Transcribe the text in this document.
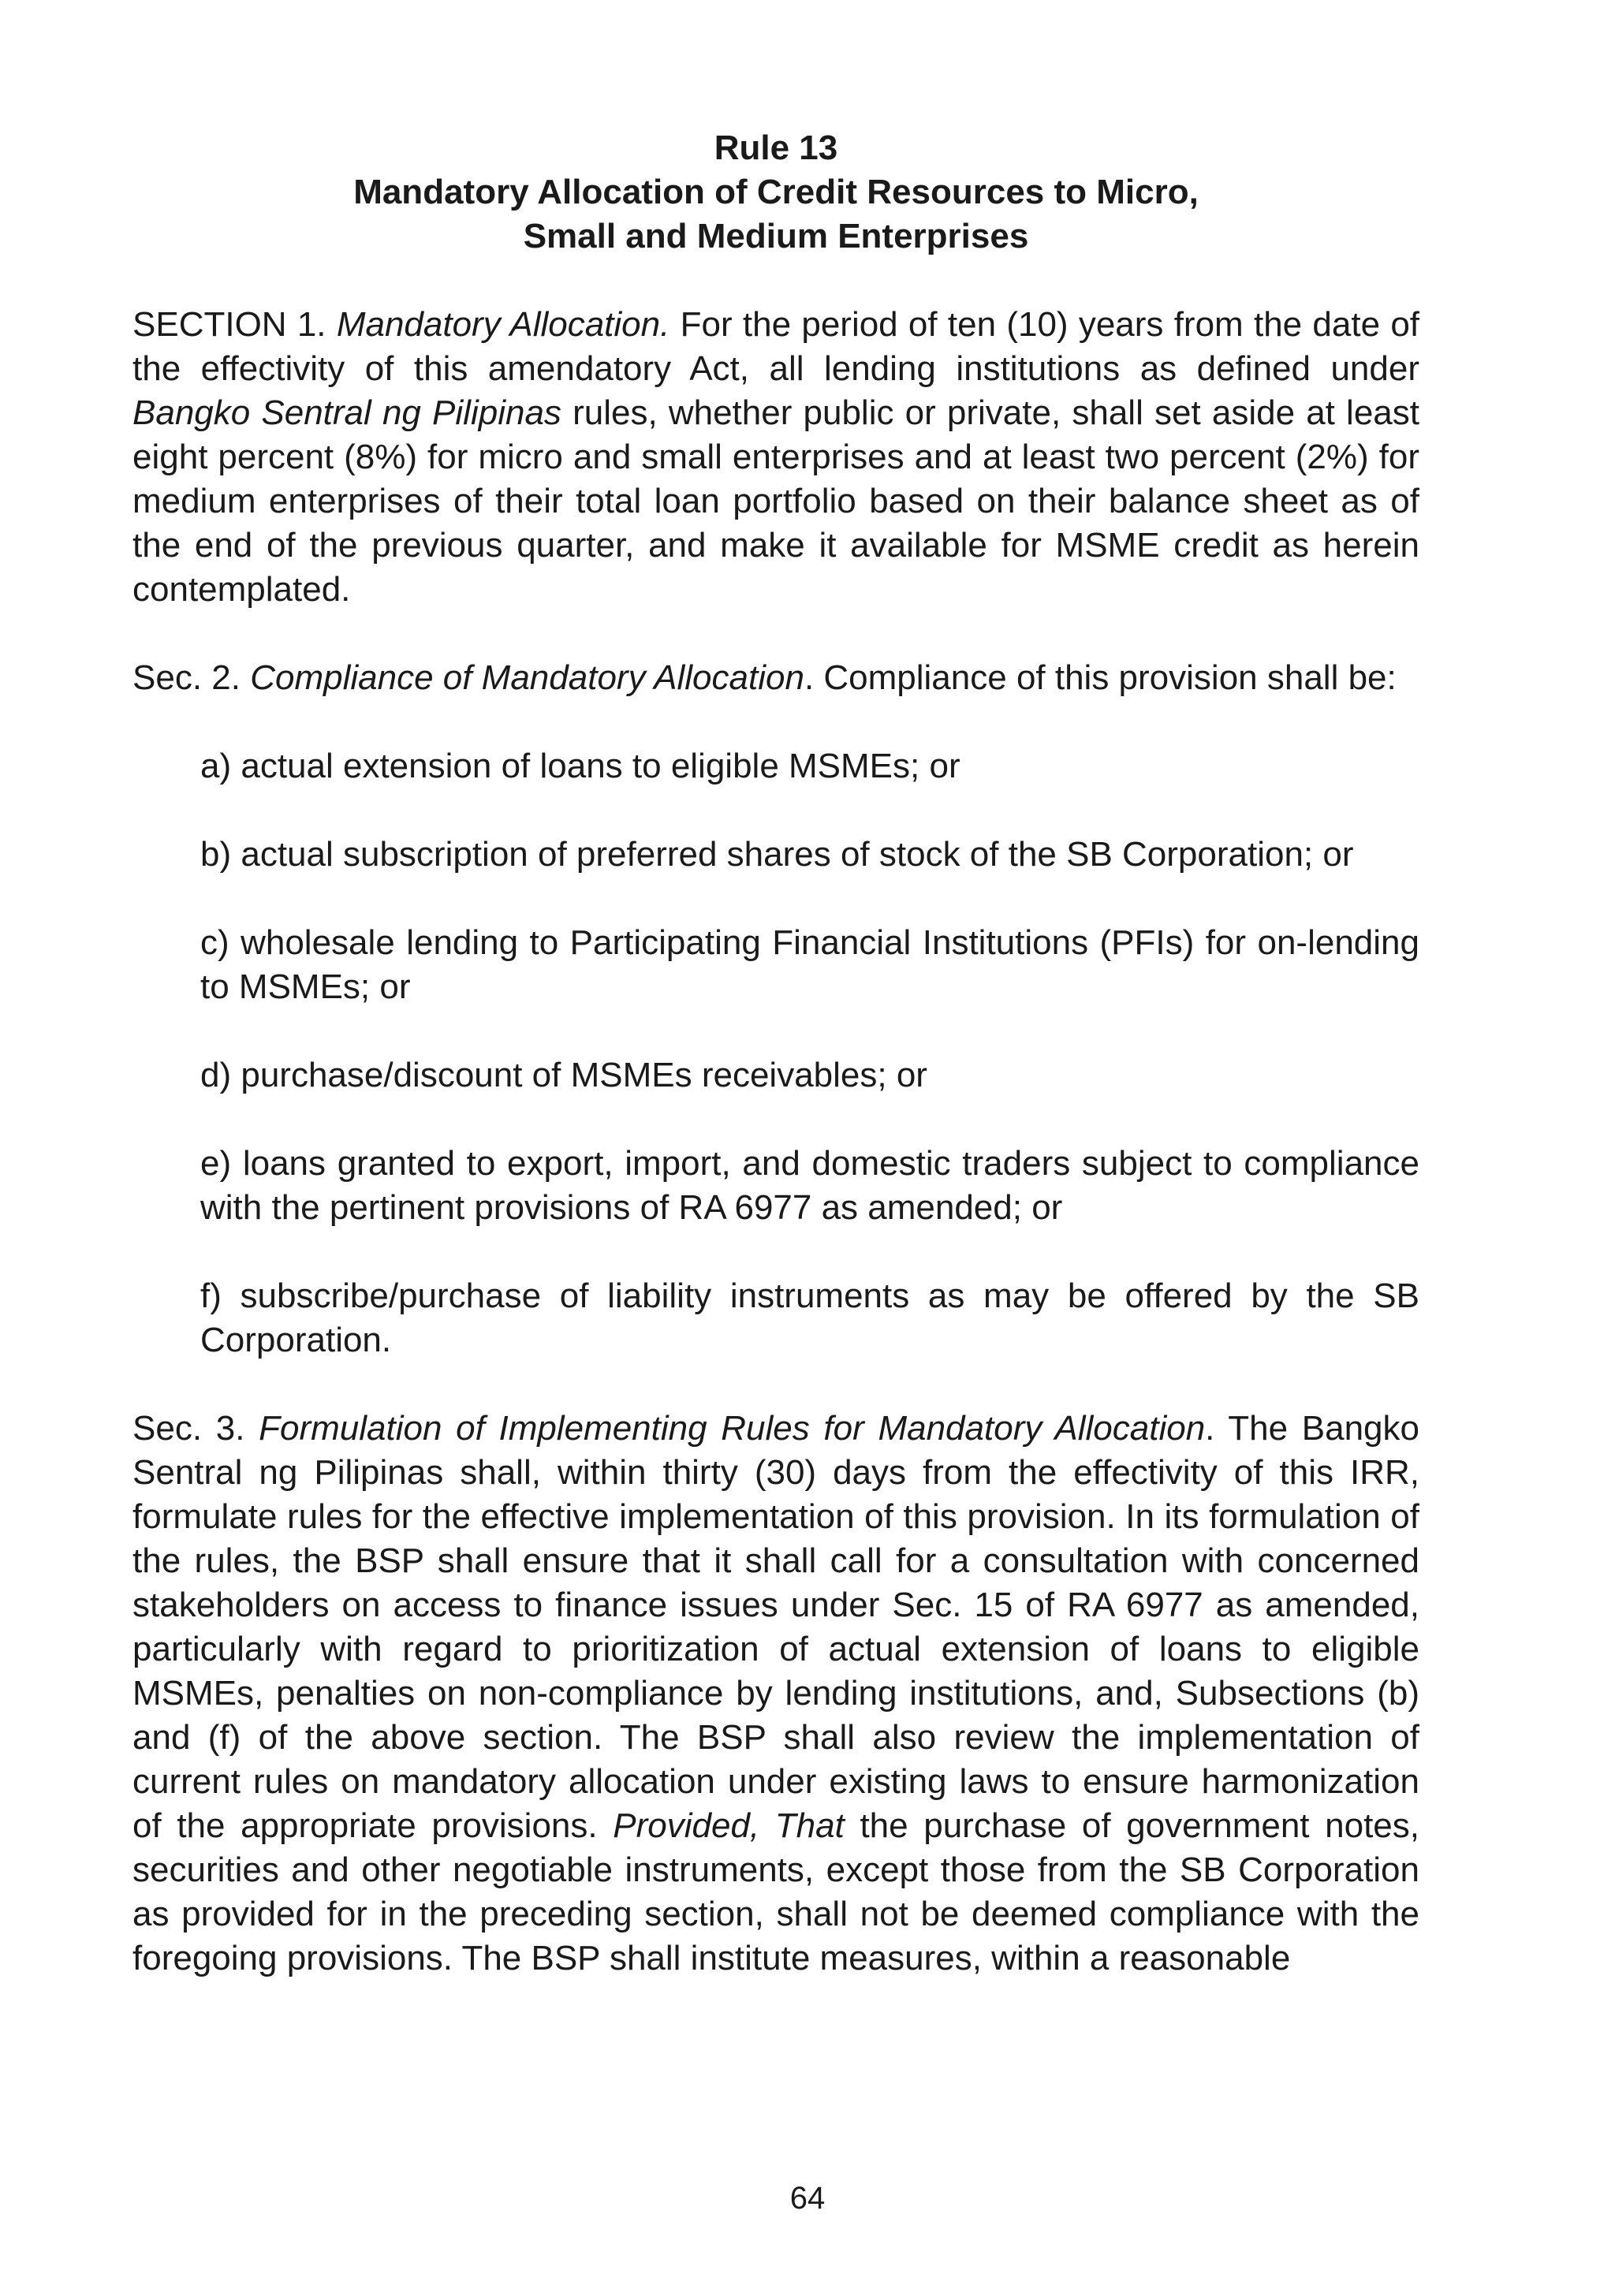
Rule 13
Mandatory Allocation of Credit Resources to Micro,
Small and Medium Enterprises

SECTION 1. Mandatory Allocation. For the period of ten (10) years from the date of the effectivity of this amendatory Act, all lending institutions as defined under Bangko Sentral ng Pilipinas rules, whether public or private, shall set aside at least eight percent (8%) for micro and small enterprises and at least two percent (2%) for medium enterprises of their total loan portfolio based on their balance sheet as of the end of the previous quarter, and make it available for MSME credit as herein contemplated.

Sec. 2. Compliance of Mandatory Allocation. Compliance of this provision shall be:

a) actual extension of loans to eligible MSMEs; or

b) actual subscription of preferred shares of stock of the SB Corporation; or

c) wholesale lending to Participating Financial Institutions (PFIs) for on-lending to MSMEs; or

d) purchase/discount of MSMEs receivables; or

e) loans granted to export, import, and domestic traders subject to compliance with the pertinent provisions of RA 6977 as amended; or

f) subscribe/purchase of liability instruments as may be offered by the SB Corporation.

Sec. 3. Formulation of Implementing Rules for Mandatory Allocation. The Bangko Sentral ng Pilipinas shall, within thirty (30) days from the effectivity of this IRR, formulate rules for the effective implementation of this provision. In its formulation of the rules, the BSP shall ensure that it shall call for a consultation with concerned stakeholders on access to finance issues under Sec. 15 of RA 6977 as amended, particularly with regard to prioritization of actual extension of loans to eligible MSMEs, penalties on non-compliance by lending institutions, and, Subsections (b) and (f) of the above section. The BSP shall also review the implementation of current rules on mandatory allocation under existing laws to ensure harmonization of the appropriate provisions. Provided, That the purchase of government notes, securities and other negotiable instruments, except those from the SB Corporation as provided for in the preceding section, shall not be deemed compliance with the foregoing provisions. The BSP shall institute measures, within a reasonable

64
